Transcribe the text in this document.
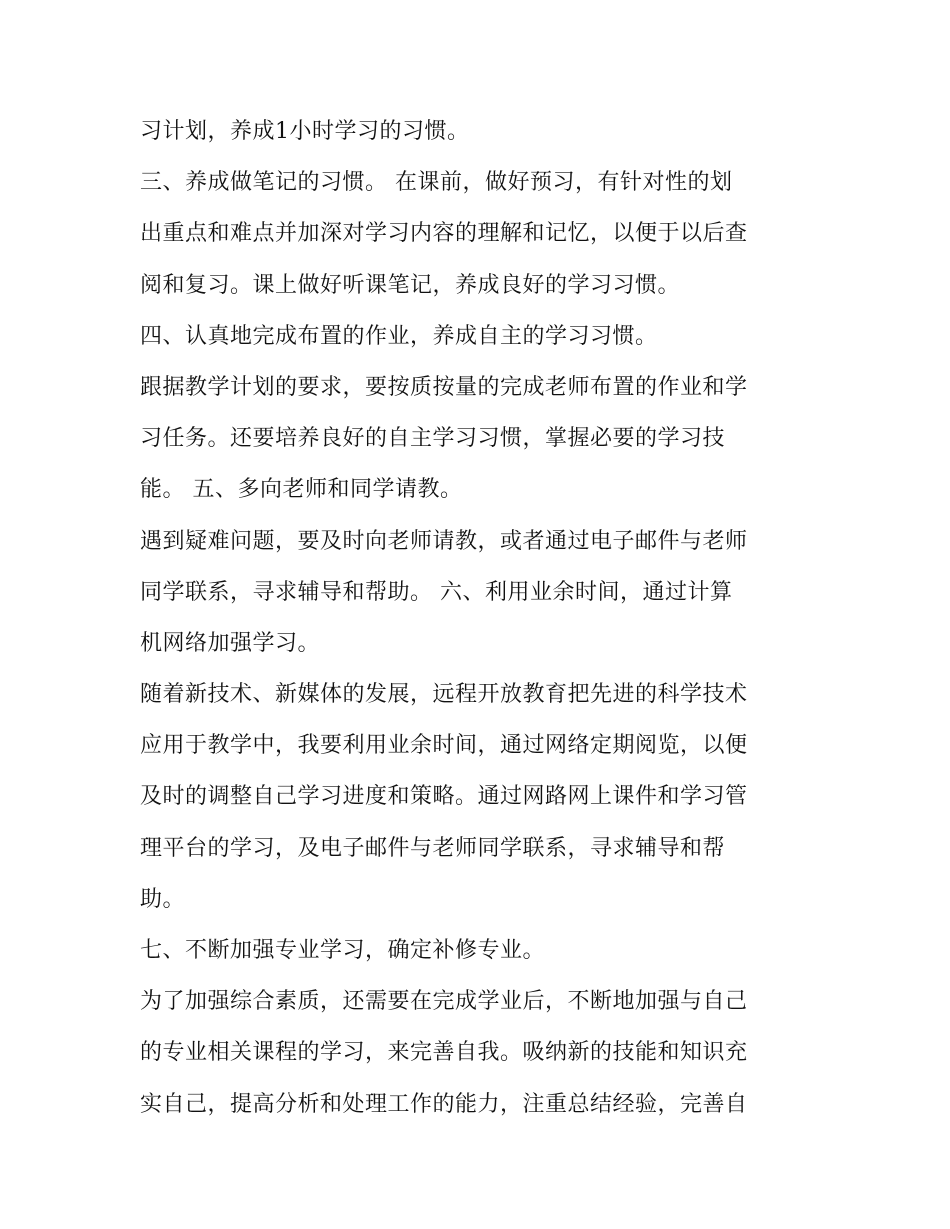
习计划，养成1小时学习的习惯。
三、养成做笔记的习惯。 在课前，做好预习，有针对性的划
出重点和难点并加深对学习内容的理解和记忆，以便于以后查
阅和复习。课上做好听课笔记，养成良好的学习习惯。
四、认真地完成布置的作业，养成自主的学习习惯。
跟据教学计划的要求，要按质按量的完成老师布置的作业和学
习任务。还要培养良好的自主学习习惯，掌握必要的学习技
能。 五、多向老师和同学请教。
遇到疑难问题，要及时向老师请教，或者通过电子邮件与老师
同学联系，寻求辅导和帮助。 六、利用业余时间，通过计算
机网络加强学习。
随着新技术、新媒体的发展，远程开放教育把先进的科学技术
应用于教学中，我要利用业余时间，通过网络定期阅览，以便
及时的调整自己学习进度和策略。通过网路网上课件和学习管
理平台的学习，及电子邮件与老师同学联系，寻求辅导和帮
助。
七、不断加强专业学习，确定补修专业。
为了加强综合素质，还需要在完成学业后，不断地加强与自己
的专业相关课程的学习，来完善自我。吸纳新的技能和知识充
实自己，提高分析和处理工作的能力，注重总结经验，完善自
